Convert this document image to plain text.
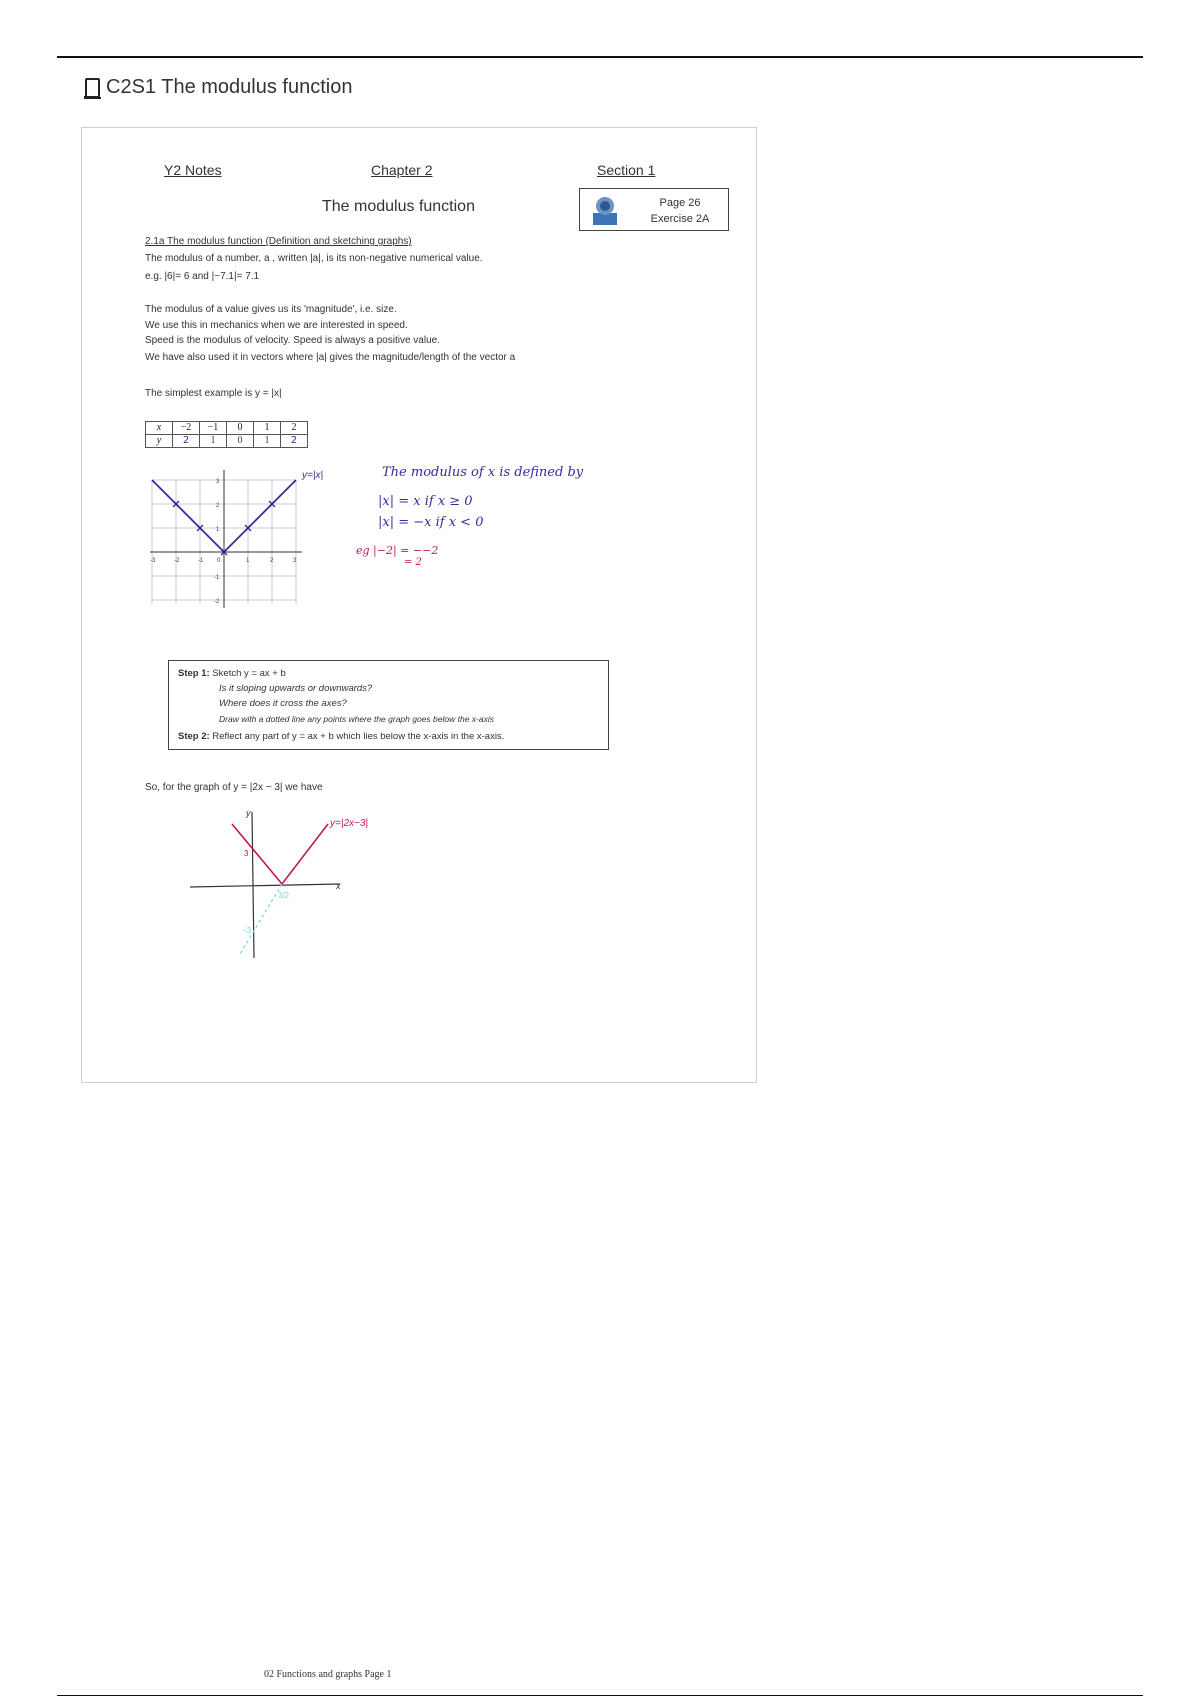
C2S1 The modulus function
Y2 Notes	Chapter 2	Section 1
The modulus function	Page 26
Exercise 2A
2.1a The modulus function (Definition and sketching graphs)
The modulus of a number, a , written |a|, is its non-negative numerical value.
e.g. |6|= 6 and |−7.1|= 7.1
The modulus of a value gives us its 'magnitude', i.e. size.
We use this in mechanics when we are interested in speed.
Speed is the modulus of velocity. Speed is always a positive value.
We have also used it in vectors where |a| gives the magnitude/length of the vector a
The simplest example is y = |x|
x	−2	−1	0	1	2
y	2	1	0	1	2
-3	-2	-1 0	1	2	3
3
2
1
-1
-2
y=|x|	The modulus of x is defined by
|x| = x if x ≥ 0
|x| = −x if x < 0
eg |−2| = −−2
= 2
Step 1: Sketch y = ax + b
Is it sloping upwards or downwards?
Where does it cross the axes?
Draw with a dotted line any points where the graph goes below the x-axis
Step 2: Reflect any part of y = ax + b which lies below the x-axis in the x-axis.
So, for the graph of y = |2x − 3| we have
y
x
3
3/2
−3
y=|2x−3|
02 Functions and graphs Page 1
